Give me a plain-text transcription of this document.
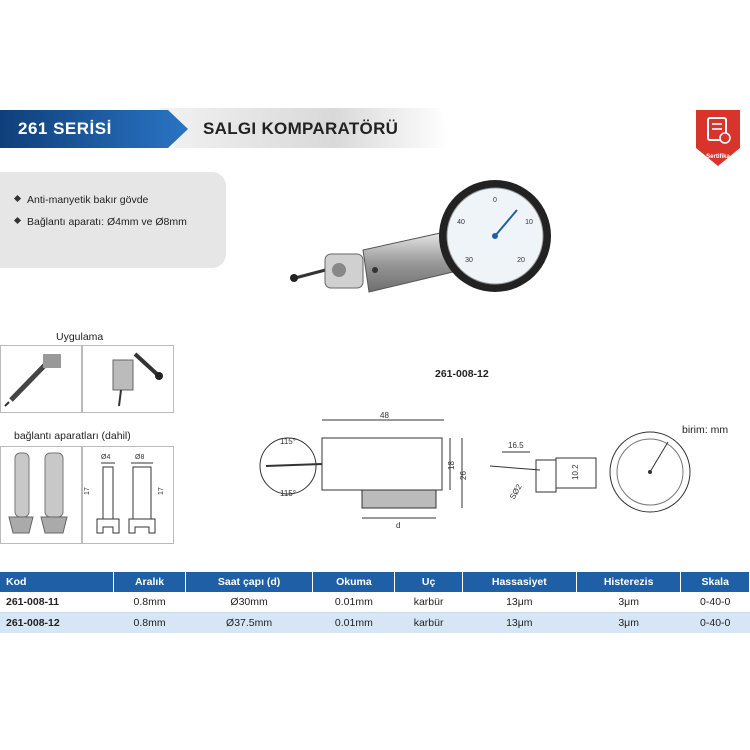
261 SERİSİ	SALGI KOMPARATÖRÜ
Sertifika
Anti-manyetik bakır gövde
Bağlantı aparatı: Ø4mm ve Ø8mm
0
10
20
30
40
Uygulama
bağlantı aparatları (dahil)
Ø4	Ø8
17	17
261-008-12
birim: mm
48
d
18
26
115°
115°
16.5
10.2
SØ2
Kod	Aralık	Saat çapı (d)	Okuma	Uç	Hassasiyet	Histerezis	Skala
261-008-11	0.8mm	Ø30mm	0.01mm	karbür	13μm	3μm	0-40-0
261-008-12	0.8mm	Ø37.5mm	0.01mm	karbür	13μm	3μm	0-40-0
